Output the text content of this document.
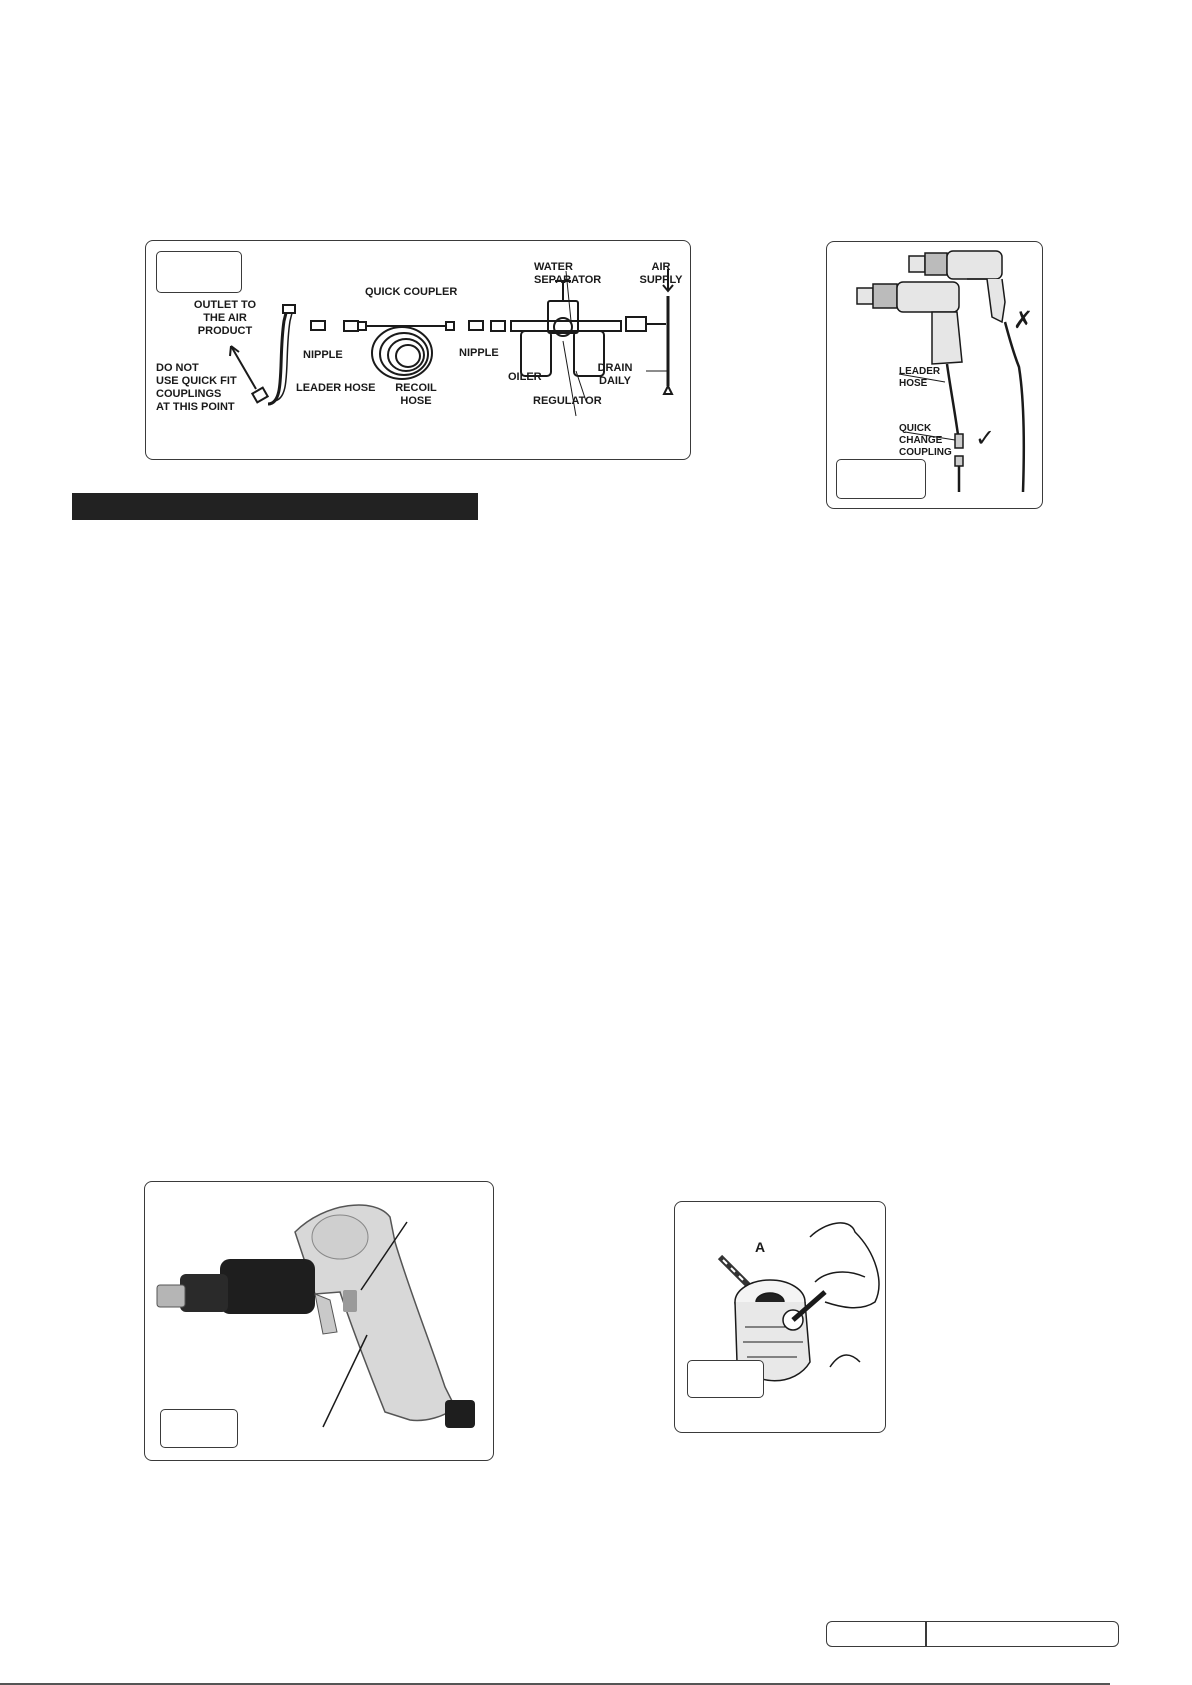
OUTLET TO
THE AIR
PRODUCT
DO NOT
USE QUICK FIT
COUPLINGS
AT THIS POINT
QUICK COUPLER
NIPPLE	NIPPLE
LEADER HOSE	RECOIL
HOSE
WATER
SEPARATOR
AIR
SUPPLY
OILER
REGULATOR
DRAIN
DAILY
LEADER
HOSE
QUICK
CHANGE
COUPLING
✗
✓
A
